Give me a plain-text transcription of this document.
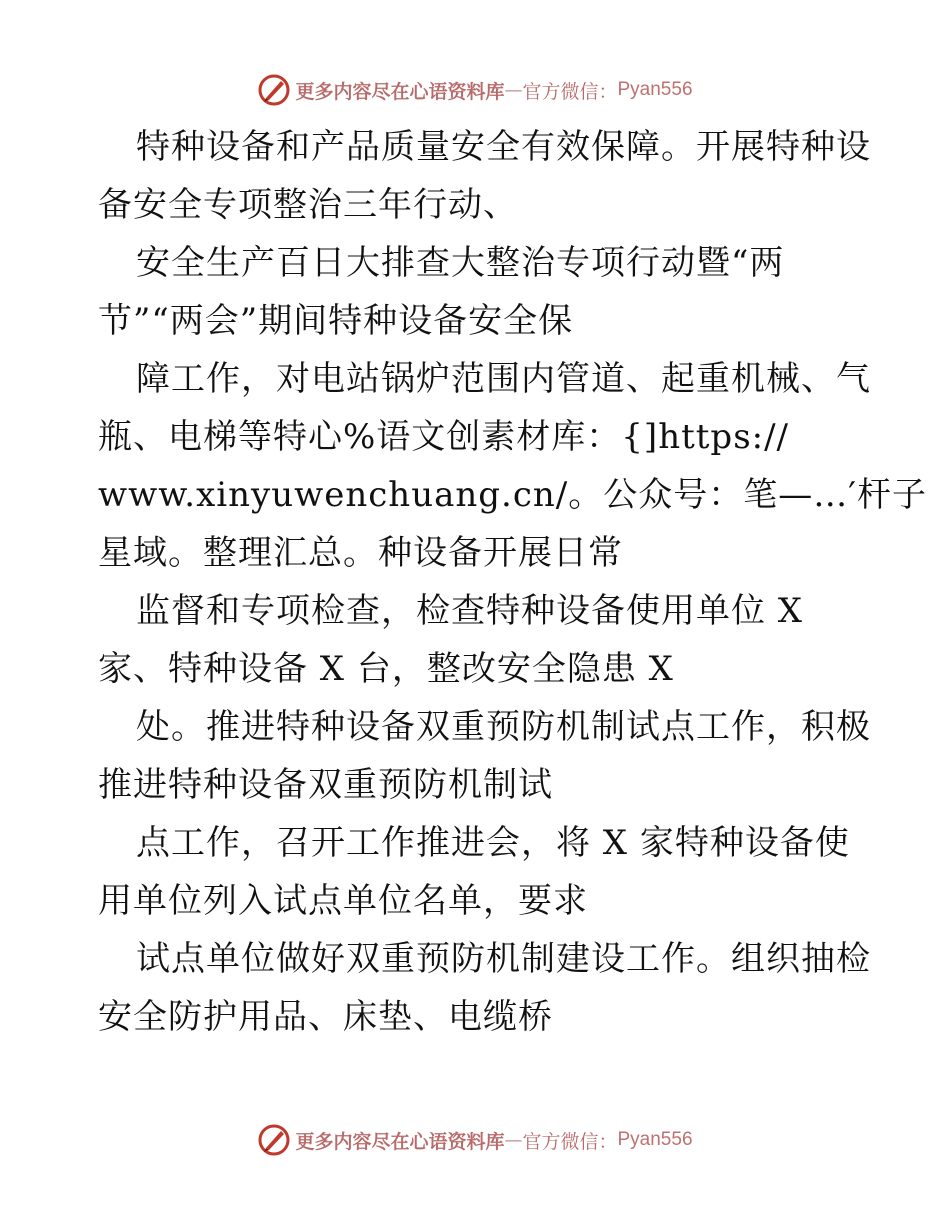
更多内容尽在心语资料库 — 官方微信： Pyan556
特种设备和产品质量安全有效保障。开展特种设
备安全专项整治三年行动、
安全生产百日大排查大整治专项行动暨“两
节”“两会”期间特种设备安全保
障工作，对电站锅炉范围内管道、起重机械、气
瓶、电梯等特心%语文创素材库：{]https://
www.xinyuwenchuang.cn/。公众号：笔—…′杆子
星域。整理汇总。种设备开展日常
监督和专项检查，检查特种设备使用单位 X
家、特种设备 X 台，整改安全隐患 X
处。推进特种设备双重预防机制试点工作，积极
推进特种设备双重预防机制试
点工作，召开工作推进会，将 X 家特种设备使
用单位列入试点单位名单，要求
试点单位做好双重预防机制建设工作。组织抽检
安全防护用品、床垫、电缆桥
更多内容尽在心语资料库 — 官方微信： Pyan556
